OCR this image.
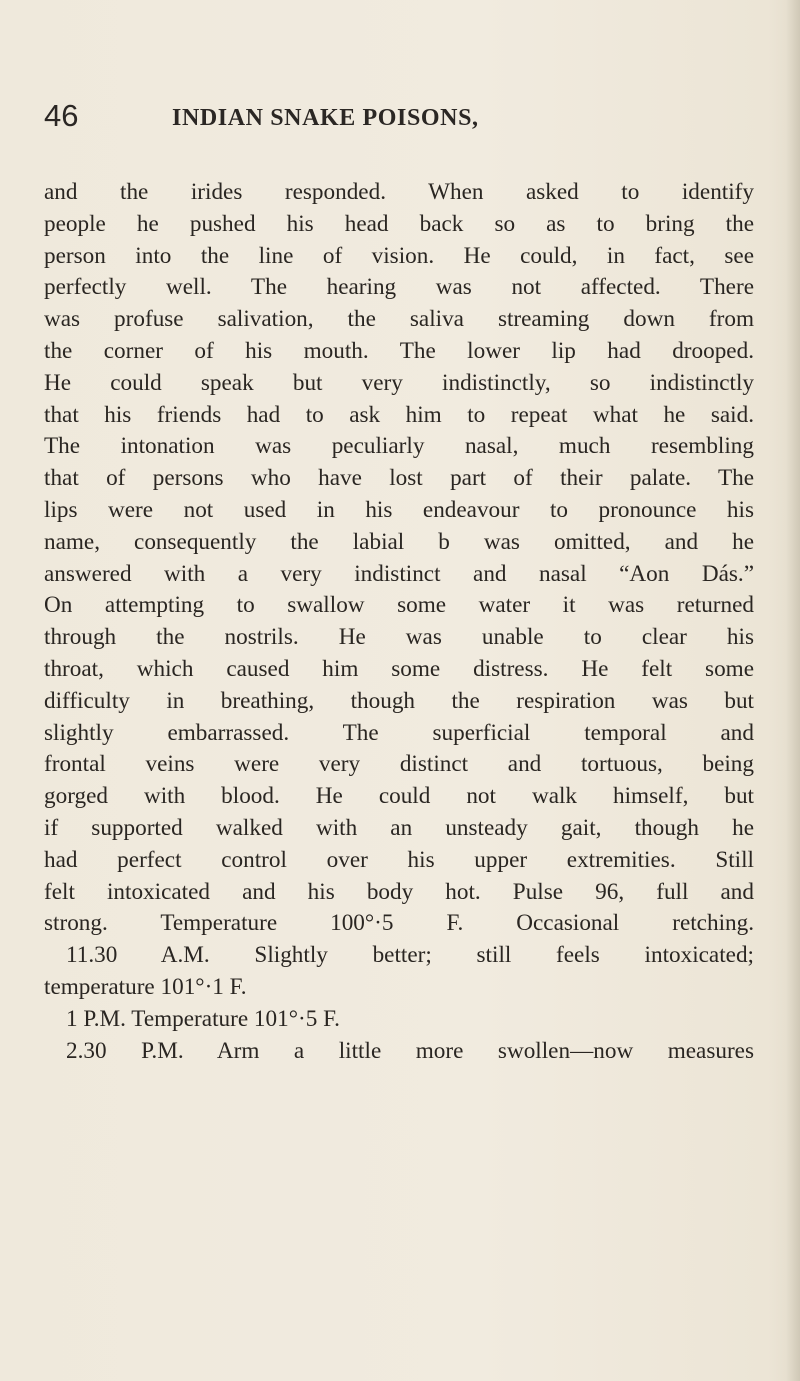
46	INDIAN SNAKE POISONS,
and the irides responded. When asked to identify
people he pushed his head back so as to bring the
person into the line of vision. He could, in fact, see
perfectly well. The hearing was not affected. There
was profuse salivation, the saliva streaming down from
the corner of his mouth. The lower lip had drooped.
He could speak but very indistinctly, so indistinctly
that his friends had to ask him to repeat what he said.
The intonation was peculiarly nasal, much resembling
that of persons who have lost part of their palate. The
lips were not used in his endeavour to pronounce his
name, consequently the labial b was omitted, and he
answered with a very indistinct and nasal “Aon Dás.”
On attempting to swallow some water it was returned
through the nostrils. He was unable to clear his
throat, which caused him some distress. He felt some
difficulty in breathing, though the respiration was but
slightly embarrassed. The superficial temporal and
frontal veins were very distinct and tortuous, being
gorged with blood. He could not walk himself, but
if supported walked with an unsteady gait, though he
had perfect control over his upper extremities. Still
felt intoxicated and his body hot. Pulse 96, full and
strong. Temperature 100°·5 F. Occasional retching.
11.30 A.M. Slightly better; still feels intoxicated;
temperature 101°·1 F.
1 P.M. Temperature 101°·5 F.
2.30 P.M. Arm a little more swollen—now measures
